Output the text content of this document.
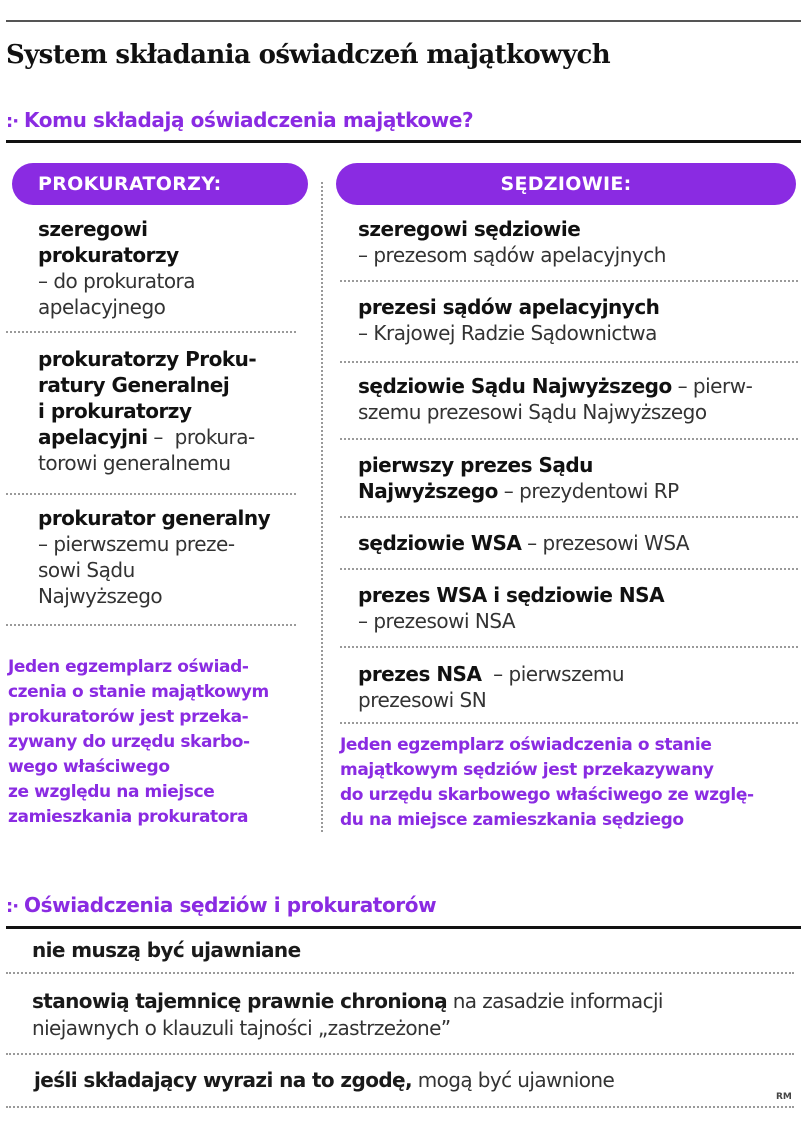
System składania oświadczeń majątkowych
:· Komu składają oświadczenia majątkowe?
PROKURATORZY:	SĘDZIOWIE:
szeregowi
prokuratorzy
– do prokuratora
apelacyjnego
prokuratorzy Proku-
ratury Generalnej
i prokuratorzy
apelacyjni –  prokura-
torowi generalnemu
prokurator generalny
– pierwszemu preze-
sowi Sądu
Najwyższego
Jeden egzemplarz oświad-
czenia o stanie majątkowym
prokuratorów jest przeka-
zywany do urzędu skarbo-
wego właściwego
ze względu na miejsce
zamieszkania prokuratora
szeregowi sędziowie
– prezesom sądów apelacyjnych
prezesi sądów apelacyjnych
– Krajowej Radzie Sądownictwa
sędziowie Sądu Najwyższego – pierw-
szemu prezesowi Sądu Najwyższego
pierwszy prezes Sądu
Najwyższego – prezydentowi RP
sędziowie WSA – prezesowi WSA
prezes WSA i sędziowie NSA
– prezesowi NSA
prezes NSA  – pierwszemu
prezesowi SN
Jeden egzemplarz oświadczenia o stanie
majątkowym sędziów jest przekazywany
do urzędu skarbowego właściwego ze wzglę-
du na miejsce zamieszkania sędziego
:· Oświadczenia sędziów i prokuratorów
nie muszą być ujawniane
stanowią tajemnicę prawnie chronioną na zasadzie informacji
niejawnych o klauzuli tajności „zastrzeżone”
jeśli składający wyrazi na to zgodę, mogą być ujawnione
RM
